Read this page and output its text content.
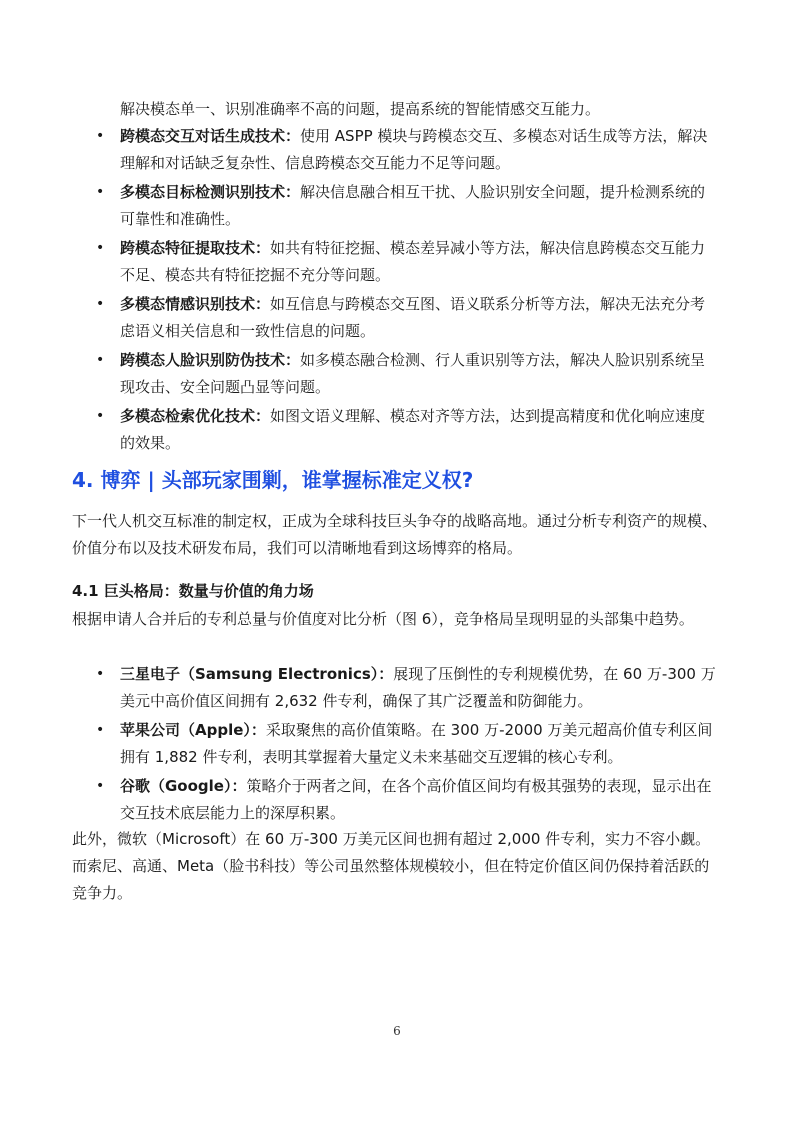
解决模态单一、识别准确率不高的问题，提高系统的智能情感交互能力。
• 跨模态交互对话生成技术：使用 ASPP 模块与跨模态交互、多模态对话生成等方法，解决理解和对话缺乏复杂性、信息跨模态交互能力不足等问题。
• 多模态目标检测识别技术：解决信息融合相互干扰、人脸识别安全问题，提升检测系统的可靠性和准确性。
• 跨模态特征提取技术：如共有特征挖掘、模态差异减小等方法，解决信息跨模态交互能力不足、模态共有特征挖掘不充分等问题。
• 多模态情感识别技术：如互信息与跨模态交互图、语义联系分析等方法，解决无法充分考虑语义相关信息和一致性信息的问题。
• 跨模态人脸识别防伪技术：如多模态融合检测、行人重识别等方法，解决人脸识别系统呈现攻击、安全问题凸显等问题。
• 多模态检索优化技术：如图文语义理解、模态对齐等方法，达到提高精度和优化响应速度的效果。
4. 博弈 | 头部玩家围剿，谁掌握标准定义权?
下一代人机交互标准的制定权，正成为全球科技巨头争夺的战略高地。通过分析专利资产的规模、价值分布以及技术研发布局，我们可以清晰地看到这场博弈的格局。
4.1 巨头格局：数量与价值的角力场
根据申请人合并后的专利总量与价值度对比分析（图 6），竞争格局呈现明显的头部集中趋势。
• 三星电子（Samsung Electronics）：展现了压倒性的专利规模优势，在 60 万-300 万美元中高价值区间拥有 2,632 件专利，确保了其广泛覆盖和防御能力。
• 苹果公司（Apple）：采取聚焦的高价值策略。在 300 万-2000 万美元超高价值专利区间拥有 1,882 件专利，表明其掌握着大量定义未来基础交互逻辑的核心专利。
• 谷歌（Google）：策略介于两者之间，在各个高价值区间均有极其强势的表现，显示出在交互技术底层能力上的深厚积累。
此外，微软（Microsoft）在 60 万-300 万美元区间也拥有超过 2,000 件专利，实力不容小觑。而索尼、高通、Meta（脸书科技）等公司虽然整体规模较小，但在特定价值区间仍保持着活跃的竞争力。
6
